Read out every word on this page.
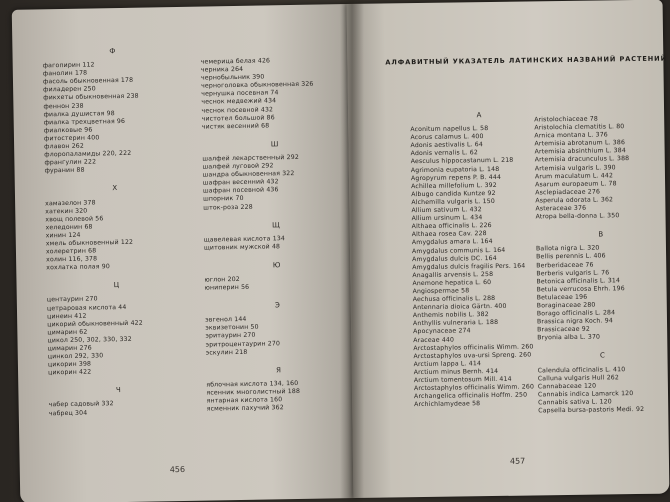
Ф
фагопирин 112
фанолин 178
фасоль обыкновенная 178
филадерен 250
фикхеты обыкновенная 238
феннон 238
фиалка душистая 98
фиалка трехцветная 96
фиалковые 96
фитостерин 400
флавон 262
флоропаламиды 220, 222
франгулин 222
фуранин 88
Х
хамазелон 378
хатекин 320
хвощ полевой 56
хеледонин 68
хинин 124
хмель обыкновенный 122
холеретрин 68
холин 116, 378
хохлатка полая 90
Ц
центаурин 270
цетраровая кислота 44
цинеин 412
цикорий обыкновенный 422
цимарин 62
цикол 250, 302, 330, 332
цимарин 276
цинкол 292, 330
цикорин 398
цикорин 422
Ч
чабер садовый 332
чабрец 304
чемерица белая 426
черника 264
чернобыльник 390
черноголовка обыкновенная 326
чернушка посевная 74
чеснок медвежий 434
чеснок посевной 432
чистотел большой 86
чистяк весенний 68
Ш
шалфей лекарственный 292
шалфей луговой 292
шандра обыкновенная 322
шафран весенний 432
шафран посевной 436
шпорник 70
шток-роза 228
Щ
щавелевая кислота 134
щитовник мужской 48
Ю
юглон 202
юниперин 56
Э
эвгенол 144
эквизетонин 50
эритаурин 270
эритроцентаурин 270
эскулин 218
Я
яблочная кислота 134, 160
ясенник многолистный 188
янтарная кислота 160
ясменник пахучий 362
456
АЛФАВИТНЫЙ УКАЗАТЕЛЬ ЛАТИНСКИХ НАЗВАНИЙ РАСТЕНИЙ
A
Aconitum napellus L. 58
Acorus calamus L. 400
Adonis aestivalis L. 64
Adonis vernalis L. 62
Aesculus hippocastanum L. 218
Agrimonia eupatoria L. 148
Agropyrum repens P. B. 444
Achillea millefolium L. 392
Albugo candida Kuntze 92
Alchemilla vulgaris L. 150
Allium sativum L. 432
Allium ursinum L. 434
Althaea officinalis L. 226
Althaea rosea Cav. 228
Amygdalus amara L. 164
Amygdalus communis L. 164
Amygdalus dulcis DC. 164
Amygdalus dulcis fragilis Pers. 164
Anagallis arvensis L. 258
Anemone hepatica L. 60
Angiospermae 58
Aechusa officinalis L. 288
Antennaria dioica Gärtn. 400
Anthemis nobilis L. 382
Anthyllis vulneraria L. 188
Apocynaceae 274
Araceae 440
Arctostaphylos officinalis Wimm. 260
Arctostaphylos uva-ursi Spreng. 260
Arctium lappa L. 414
Arctium minus Bernh. 414
Arctium tomentosum Mill. 414
Arctostaphylos officinalis Wimm. 260
Archangelica officinalis Hoffm. 250
Archichlamydeae 58
Aristolochiaceae 78
Aristolochia clematitis L. 80
Arnica montana L. 376
Artemisia abrotanum L. 386
Artemisia absinthium L. 384
Artemisia dracunculus L. 388
Artemisia vulgaris L. 390
Arum maculatum L. 442
Asarum europaeum L. 78
Asclepiadaceae 276
Asperula odorata L. 362
Asteraceae 376
Atropa bella-donna L. 350
B
Ballota nigra L. 320
Bellis perennis L. 406
Berberidaceae 76
Berberis vulgaris L. 76
Betonica officinalis L. 314
Betula verrucosa Ehrh. 196
Betulaceae 196
Boraginaceae 280
Borago officinalis L. 284
Brassica nigra Koch. 94
Brassicaceae 92
Bryonia alba L. 370
C
Calendula officinalis L. 410
Calluna vulgaris Hull 262
Cannabaceae 120
Cannabis indica Lamarck 120
Cannabis sativa L. 120
Capsella bursa-pastoris Medi. 92
457
